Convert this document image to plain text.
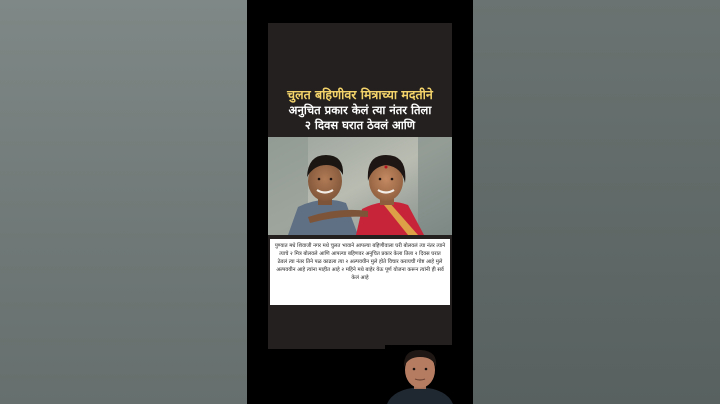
चुलत बहिणीवर मित्राच्या मदतीने
अनुचित प्रकार केलं त्या नंतर तिला
२ दिवस घरात ठेवलं आणि
पुण्यात मधे शिवाजी नगर मधे चुलत भावाने आपल्या बहिणीवाला घरी बोलवलं त्या नंतर त्याने त्याचे २ मित्र बोलवले आणि आपल्या बहिणवर अनुचित प्रकार केला तिला २ दिवस घरात ठेवलं त्या नंतर तिने पळ काढला त्या २ अल्पवयीन मुले होते विचार करायची गोष्ट आहे मुले अल्पवयीन आहे त्यांना माहीत आहे २ महिने मधे बाहेर येऊ पूर्ण योजना करून त्यांनी ही सर्व केलं आहे
